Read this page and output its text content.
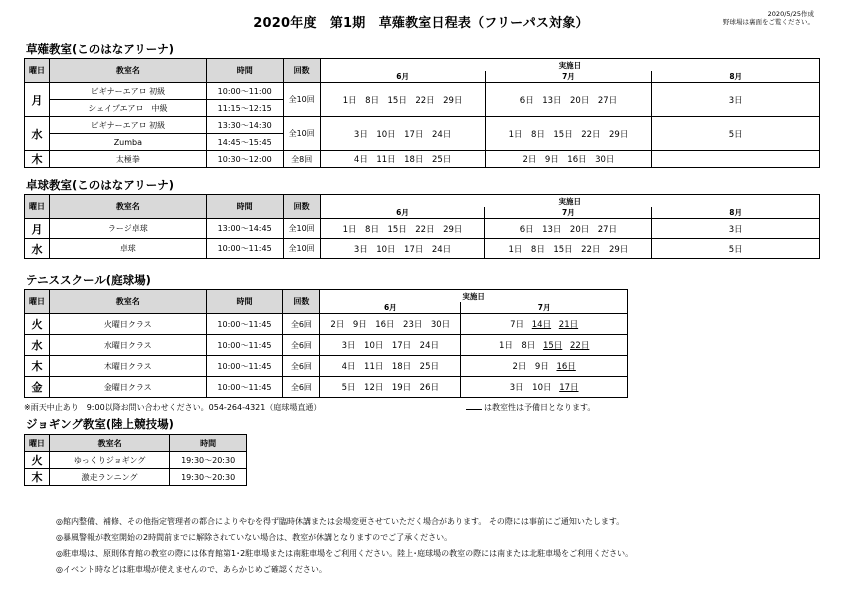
2020年度　第1期　草薙教室日程表（フリーパス対象）
2020/5/25作成
野球場は裏面をご覧ください。
草薙教室(このはなアリーナ)
曜日	教室名	時間	回数	実施日		
				6月	7月	8月
月	ビギナーエアロ 初級	10:00～11:00	全10回	1日　8日　15日　22日　29日	6日　13日　20日　27日	3日
	シェイプエアロ　中級	11:15～12:15				
水	ビギナーエアロ 初級	13:30～14:30	全10回	3日　10日　17日　24日	1日　8日　15日　22日　29日	5日
	Zumba	14:45～15:45				
木	太極拳	10:30～12:00	全8回	4日　11日　18日　25日	2日　9日　16日　30日	
卓球教室(このはなアリーナ)
曜日	教室名	時間	回数	実施日		
				6月	7月	8月
月	ラージ卓球	13:00～14:45	全10回	1日　8日　15日　22日　29日	6日　13日　20日　27日	3日
水	卓球	10:00～11:45	全10回	3日　10日　17日　24日	1日　8日　15日　22日　29日	5日
テニススクール(庭球場)
曜日	教室名	時間	回数	実施日	
				6月	7月
火	火曜日クラス	10:00～11:45	全6回	2日　9日　16日　23日　30日	7日 14日 21日
水	水曜日クラス	10:00～11:45	全6回	3日　10日　17日　24日	1日　8日 15日 22日
木	木曜日クラス	10:00～11:45	全6回	4日　11日　18日　25日	2日　9日 16日
金	金曜日クラス	10:00～11:45	全6回	5日　12日　19日　26日	3日　10日 17日
※雨天中止あり　9:00以降お問い合わせください。054-264-4321（庭球場直通）	は教室性は予備日となります。
ジョギング教室(陸上競技場)
曜日	教室名	時間
火	ゆっくりジョギング	19:30～20:30
木	激走ランニング	19:30～20:30
◎館内整備、補修、その他指定管理者の都合によりやむを得ず臨時休講または会場変更させていただく場合があります。 その際には事前にご通知いたします。
◎暴風警報が教室開始の2時間前までに解除されていない場合は、教室が休講となりますのでご了承ください。
◎駐車場は、原則体育館の教室の際には体育館第1･2駐車場または南駐車場をご利用ください。陸上･庭球場の教室の際には南または北駐車場をご利用ください。
◎イベント時などは駐車場が使えませんので、あらかじめご確認ください。
